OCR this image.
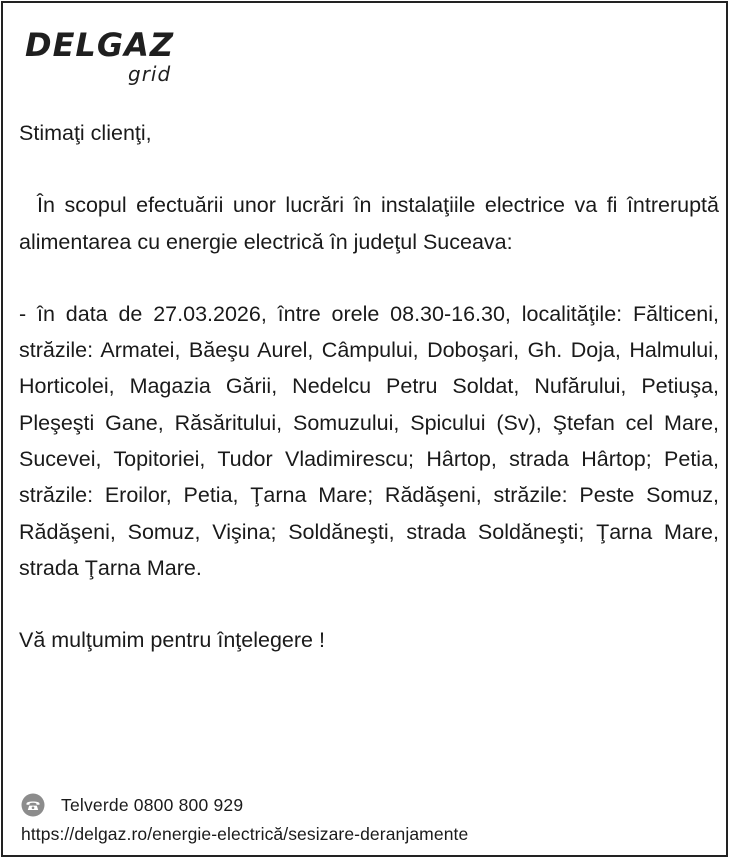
DELGAZ
grid

Stimaţi clienţi,

În scopul efectuării unor lucrări în instalaţiile electrice va fi întreruptă alimentarea cu energie electrică în judeţul Suceava:

- în data de 27.03.2026, între orele 08.30-16.30, localităţile: Fălticeni, străzile: Armatei, Băeşu Aurel, Câmpului, Doboşari, Gh. Doja, Halmului, Horticolei, Magazia Gării, Nedelcu Petru Soldat, Nufărului, Petiuşa, Pleşeşti Gane, Răsăritului, Somuzului, Spicului (Sv), Ştefan cel Mare, Sucevei, Topitoriei, Tudor Vladimirescu; Hârtop, strada Hârtop; Petia, străzile: Eroilor, Petia, Ţarna Mare; Rădăşeni, străzile: Peste Somuz, Rădăşeni, Somuz, Vişina; Soldăneşti, strada Soldăneşti; Ţarna Mare, strada Ţarna Mare.

Vă mulţumim pentru înţelegere !

Telverde 0800 800 929
https://delgaz.ro/energie-electrică/sesizare-deranjamente
